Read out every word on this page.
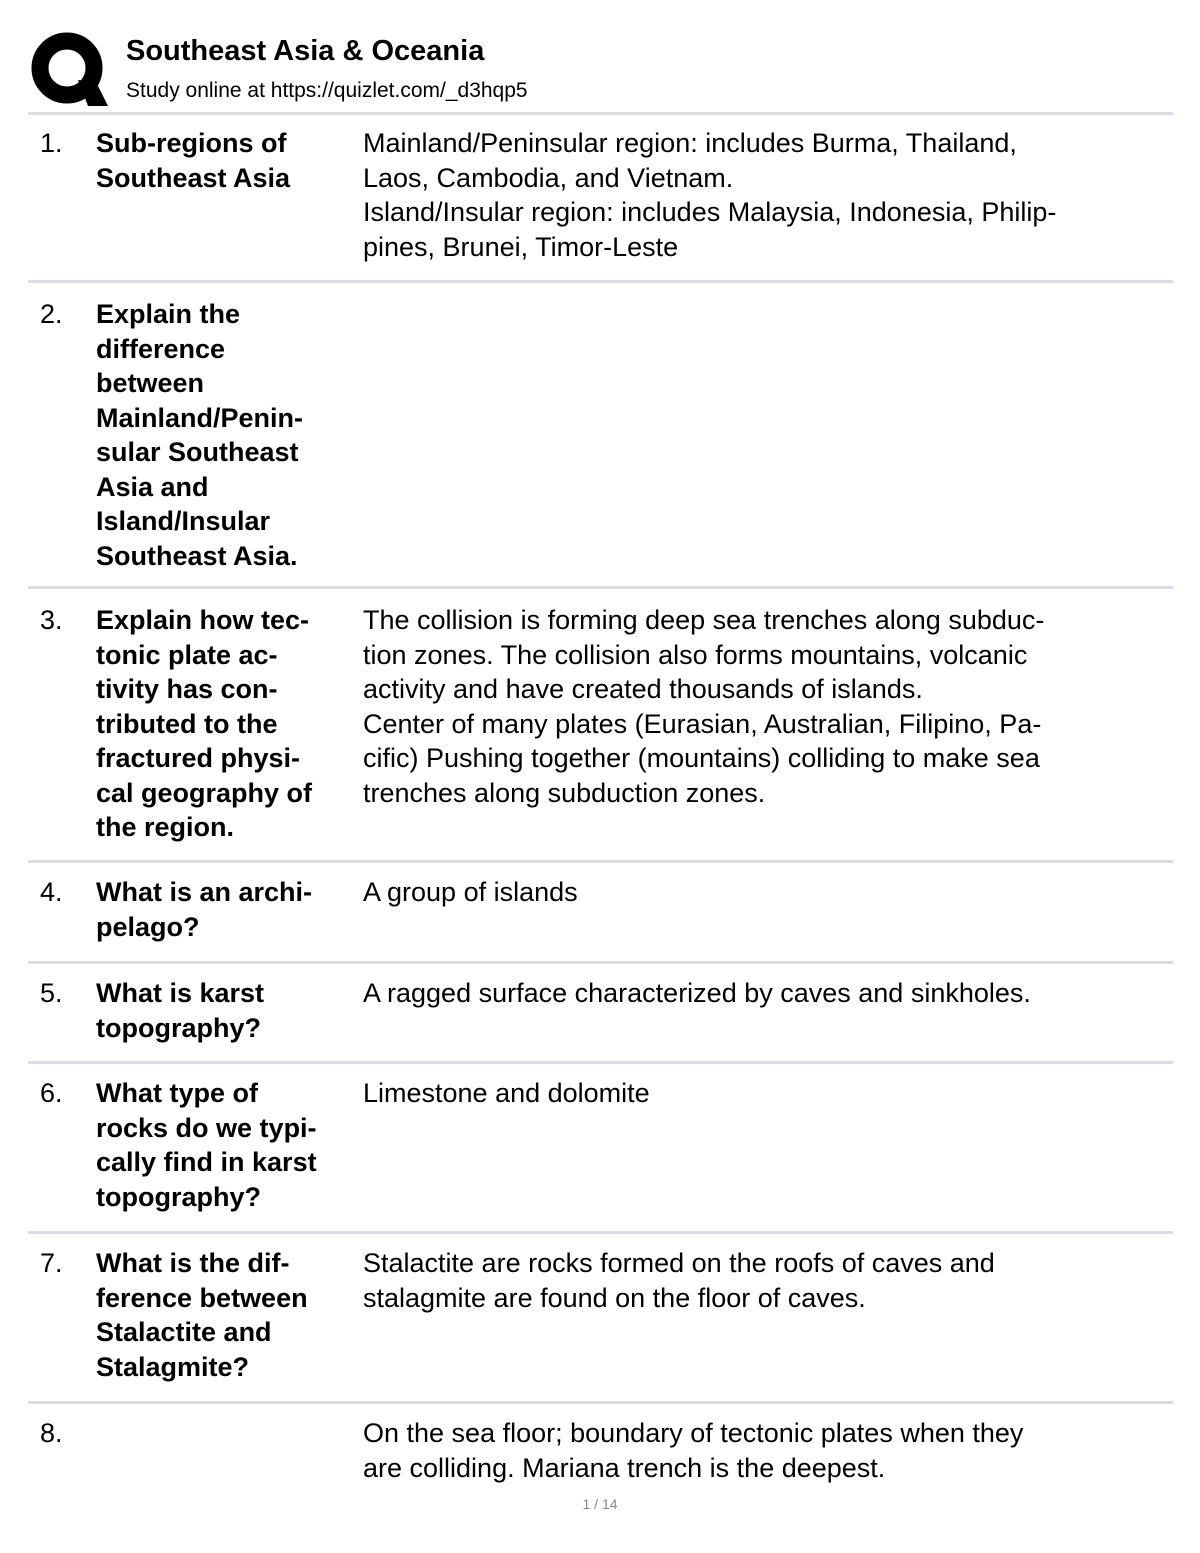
Southeast Asia & Oceania
Study online at https://quizlet.com/_d3hqp5
1. Sub-regions of
Southeast Asia
Mainland/Peninsular region: includes Burma, Thailand,
Laos, Cambodia, and Vietnam.
Island/Insular region: includes Malaysia, Indonesia, Philip-
pines, Brunei, Timor-Leste
2. Explain the
difference
between
Mainland/Penin-
sular Southeast
Asia and
Island/Insular
Southeast Asia.
3. Explain how tec-
tonic plate ac-
tivity has con-
tributed to the
fractured physi-
cal geography of
the region.
The collision is forming deep sea trenches along subduc-
tion zones. The collision also forms mountains, volcanic
activity and have created thousands of islands.
Center of many plates (Eurasian, Australian, Filipino, Pa-
cific) Pushing together (mountains) colliding to make sea
trenches along subduction zones.
4. What is an archi-
pelago?
A group of islands
5. What is karst
topography?
A ragged surface characterized by caves and sinkholes.
6. What type of
rocks do we typi-
cally find in karst
topography?
Limestone and dolomite
7. What is the dif-
ference between
Stalactite and
Stalagmite?
Stalactite are rocks formed on the roofs of caves and
stalagmite are found on the floor of caves.
8.	On the sea floor; boundary of tectonic plates when they
are colliding. Mariana trench is the deepest.
1 / 14
